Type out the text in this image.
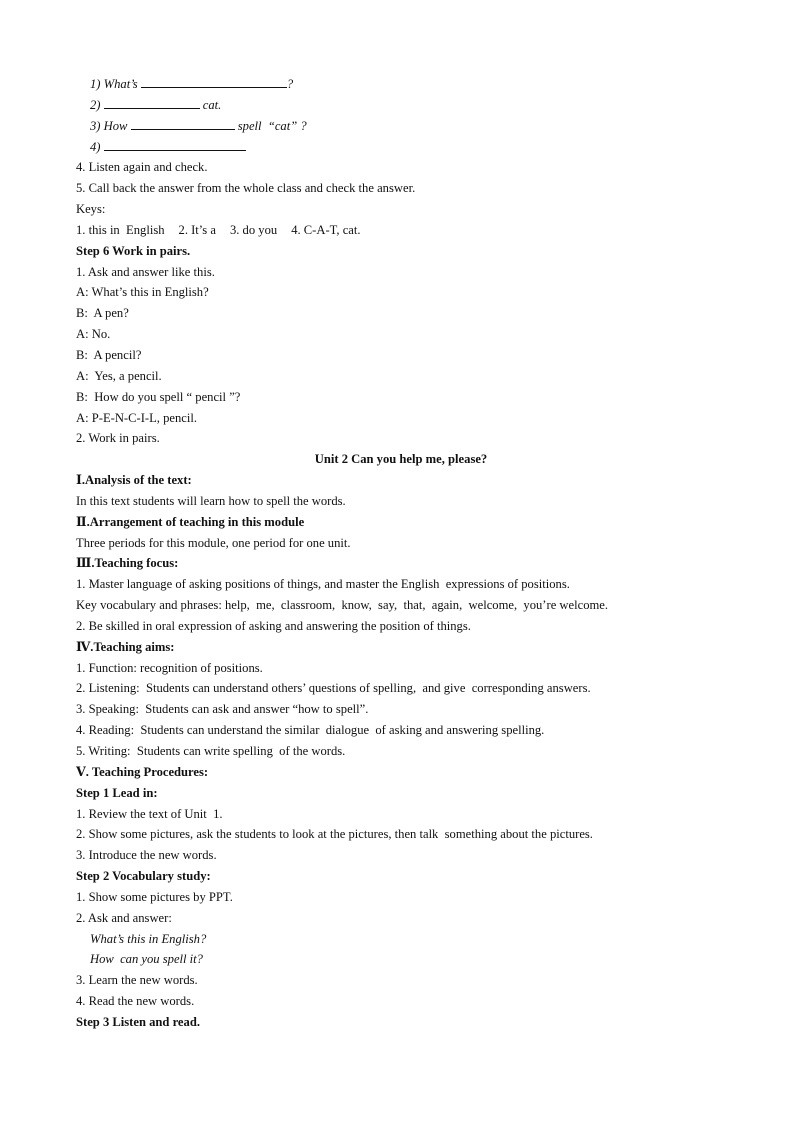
1) What’s	?
2)	cat.
3) How	spell  “cat” ?
4)
4. Listen again and check.
5. Call back the answer from the whole class and check the answer.
Keys:
1. this in  English 2. It’s a 3. do you 4. C-A-T, cat.
Step 6 Work in pairs.
1. Ask and answer like this.
A: What’s this in English?
B:  A pen?
A: No.
B:  A pencil?
A:  Yes, a pencil.
B:  How do you spell “ pencil ”?
A: P-E-N-C-I-L, pencil.
2. Work in pairs.
Unit 2 Can you help me, please?
Ⅰ.Analysis of the text:
In this text students will learn how to spell the words.
Ⅱ.Arrangement of teaching in this module
Three periods for this module, one period for one unit.
Ⅲ.Teaching focus:
1. Master language of asking positions of things, and master the English  expressions of positions.
Key vocabulary and phrases: help,  me,  classroom,  know,  say,  that,  again,  welcome,  you’re welcome.
2. Be skilled in oral expression of asking and answering the position of things.
Ⅳ.Teaching aims:
1. Function: recognition of positions.
2. Listening:  Students can understand others’ questions of spelling,  and give  corresponding answers.
3. Speaking:  Students can ask and answer “how to spell”.
4. Reading:  Students can understand the similar  dialogue  of asking and answering spelling.
5. Writing:  Students can write spelling  of the words.
Ⅴ. Teaching Procedures:
Step 1 Lead in:
1. Review the text of Unit  1.
2. Show some pictures, ask the students to look at the pictures, then talk  something about the pictures.
3. Introduce the new words.
Step 2 Vocabulary study:
1. Show some pictures by PPT.
2. Ask and answer:
What’s this in English?
How  can you spell it?
3. Learn the new words.
4. Read the new words.
Step 3 Listen and read.
